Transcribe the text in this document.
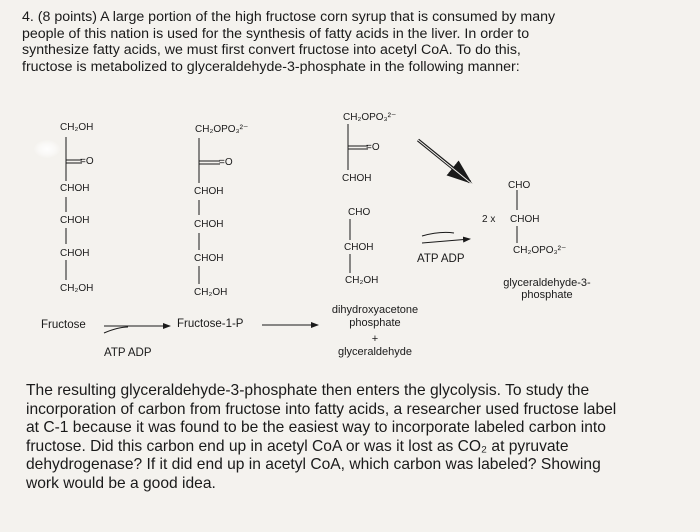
4. (8 points) A large portion of the high fructose corn syrup that is consumed by many
people of this nation is used for the synthesis of fatty acids in the liver. In order to
synthesize fatty acids, we must first convert fructose into acetyl CoA. To do this,
fructose is metabolized to glyceraldehyde-3-phosphate in the following manner:

CH₂OH
=O
CHOH
CHOH
CHOH
CH₂OH
Fructose
CH₂OPO₃²⁻
=O
CHOH
CHOH
CHOH
CH₂OH
Fructose-1-P
ATP ADP
CH₂OPO₃²⁻
=O
CHOH
CHO
CHOH
CH₂OH
dihydroxyacetone
phosphate
+
glyceraldehyde
ATP ADP
CHO
2 x CHOH
CH₂OPO₃²⁻
glyceraldehyde-3-
phosphate

The resulting glyceraldehyde-3-phosphate then enters the glycolysis. To study the
incorporation of carbon from fructose into fatty acids, a researcher used fructose label
at C-1 because it was found to be the easiest way to incorporate labeled carbon into
fructose. Did this carbon end up in acetyl CoA or was it lost as CO₂ at pyruvate
dehydrogenase? If it did end up in acetyl CoA, which carbon was labeled? Showing
work would be a good idea.
